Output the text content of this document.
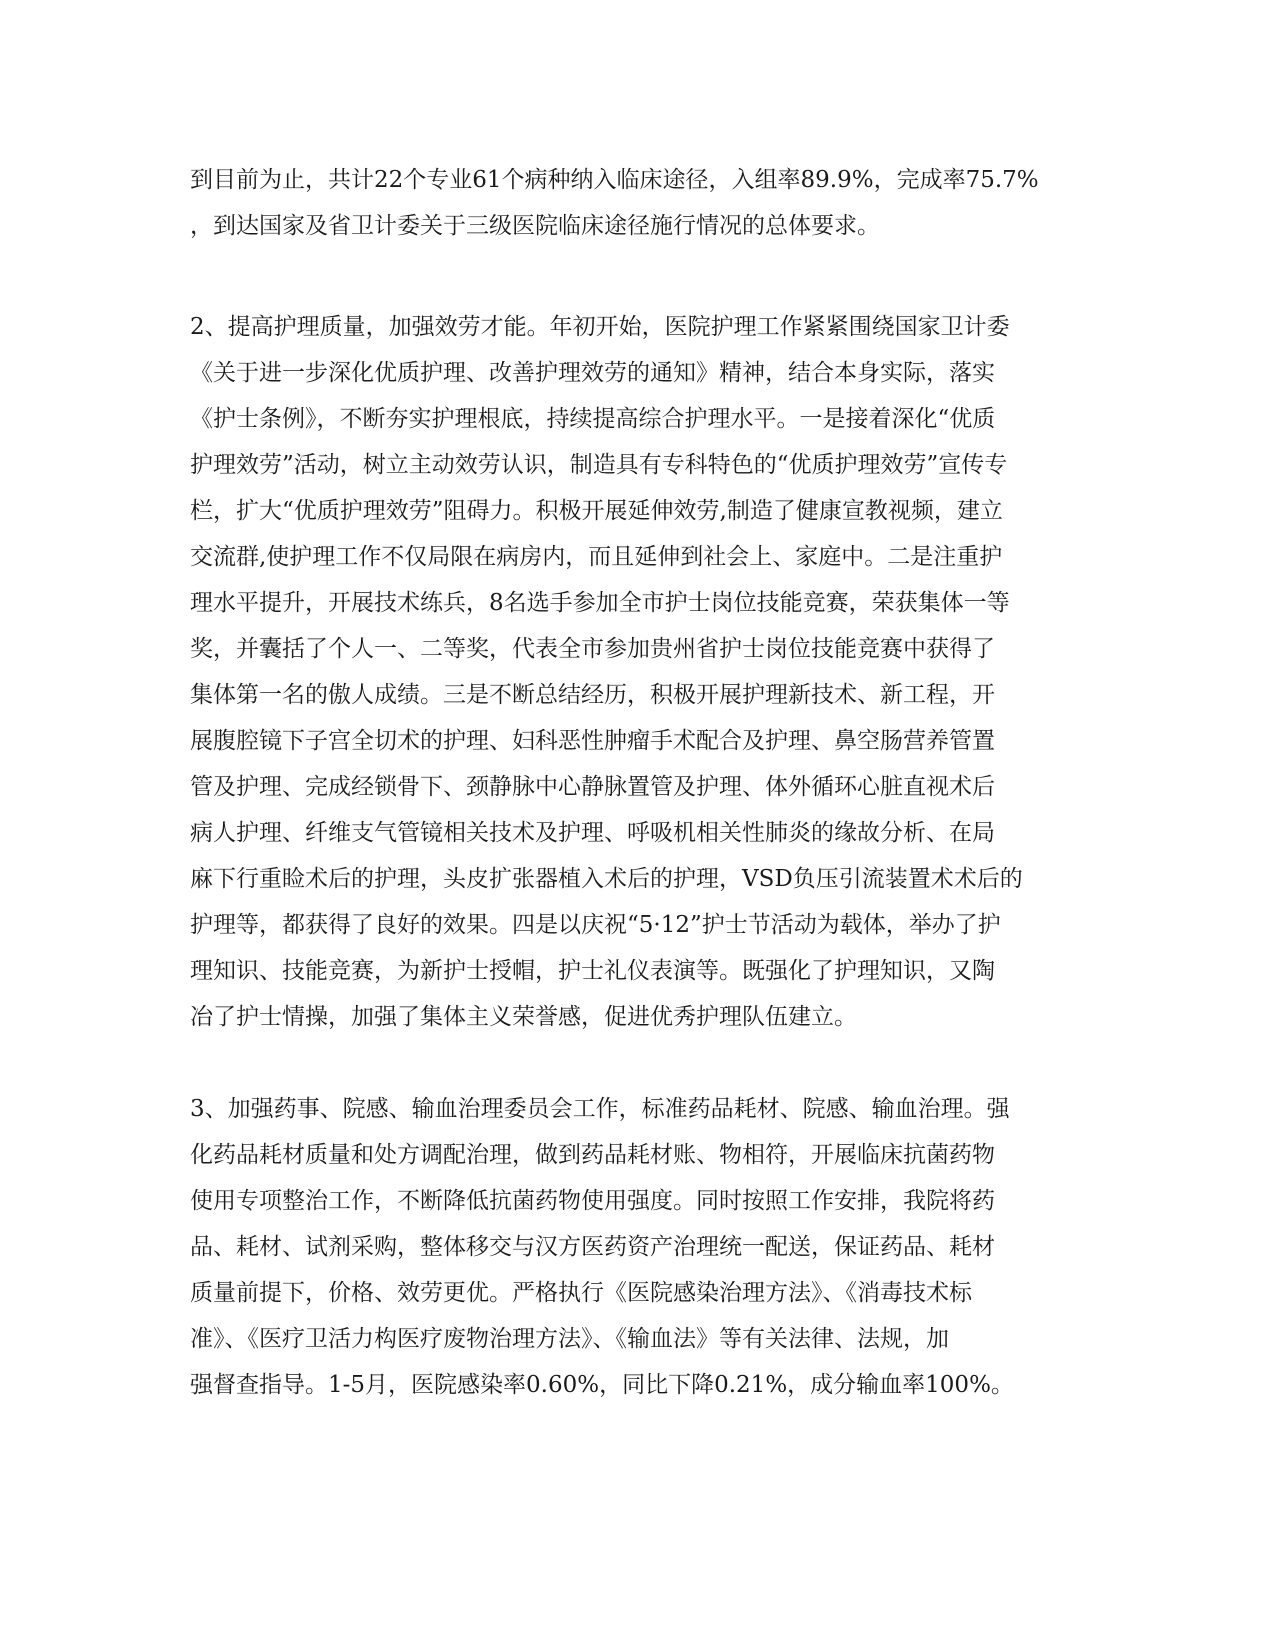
到目前为止，共计22个专业61个病种纳入临床途径，入组率89.9%，完成率75.7%
，到达国家及省卫计委关于三级医院临床途径施行情况的总体要求。
2、提高护理质量，加强效劳才能。年初开始，医院护理工作紧紧围绕国家卫计委
《关于进一步深化优质护理、改善护理效劳的通知》精神，结合本身实际，落实
《护士条例》，不断夯实护理根底，持续提高综合护理水平。一是接着深化“优质
护理效劳”活动，树立主动效劳认识，制造具有专科特色的“优质护理效劳”宣传专
栏，扩大“优质护理效劳”阻碍力。积极开展延伸效劳,制造了健康宣教视频，建立
交流群,使护理工作不仅局限在病房内，而且延伸到社会上、家庭中。二是注重护
理水平提升，开展技术练兵，8名选手参加全市护士岗位技能竞赛，荣获集体一等
奖，并囊括了个人一、二等奖，代表全市参加贵州省护士岗位技能竞赛中获得了
集体第一名的傲人成绩。三是不断总结经历，积极开展护理新技术、新工程，开
展腹腔镜下子宫全切术的护理、妇科恶性肿瘤手术配合及护理、鼻空肠营养管置
管及护理、完成经锁骨下、颈静脉中心静脉置管及护理、体外循环心脏直视术后
病人护理、纤维支气管镜相关技术及护理、呼吸机相关性肺炎的缘故分析、在局
麻下行重睑术后的护理，头皮扩张器植入术后的护理，VSD负压引流装置术术后的
护理等，都获得了良好的效果。四是以庆祝“5·12”护士节活动为载体，举办了护
理知识、技能竞赛，为新护士授帽，护士礼仪表演等。既强化了护理知识，又陶
冶了护士情操，加强了集体主义荣誉感，促进优秀护理队伍建立。
3、加强药事、院感、输血治理委员会工作，标准药品耗材、院感、输血治理。强
化药品耗材质量和处方调配治理，做到药品耗材账、物相符，开展临床抗菌药物
使用专项整治工作，不断降低抗菌药物使用强度。同时按照工作安排，我院将药
品、耗材、试剂采购，整体移交与汉方医药资产治理统一配送，保证药品、耗材
质量前提下，价格、效劳更优。严格执行《医院感染治理方法》、《消毒技术标
准》、《医疗卫活力构医疗废物治理方法》、《输血法》等有关法律、法规，加
强督查指导。1-5月，医院感染率0.60%，同比下降0.21%，成分输血率100%。
